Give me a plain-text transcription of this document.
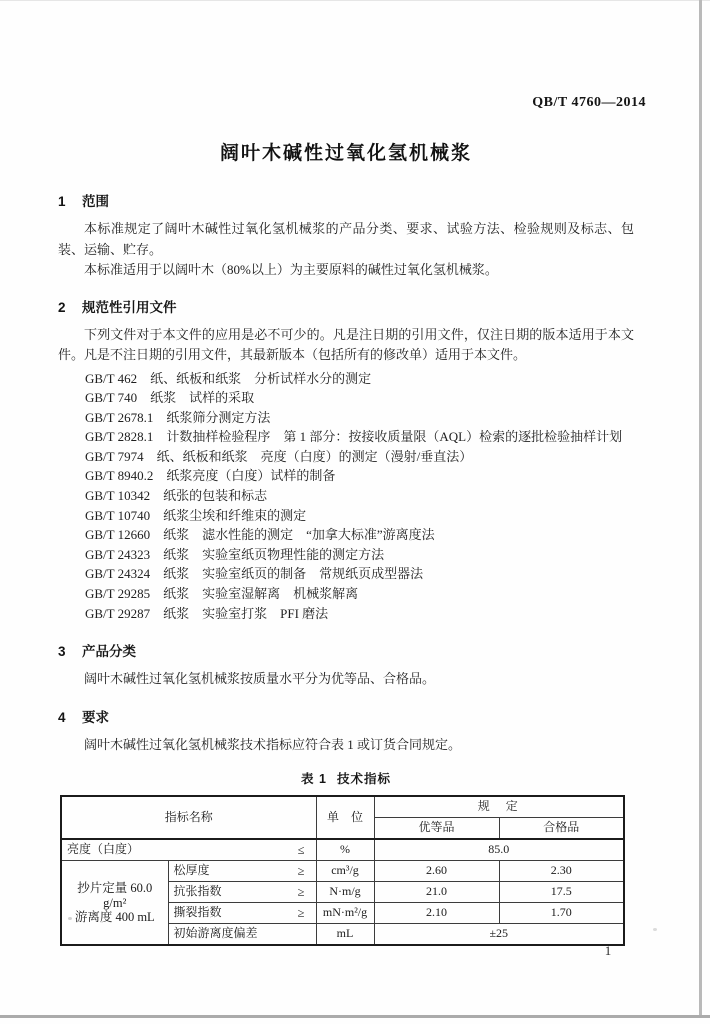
QB/T 4760—2014
阔叶木碱性过氧化氢机械浆
1 范围

本标准规定了阔叶木碱性过氧化氢机械浆的产品分类、要求、试验方法、检验规则及标志、包装、运输、贮存。

本标准适用于以阔叶木（80%以上）为主要原料的碱性过氧化氢机械浆。

2 规范性引用文件

下列文件对于本文件的应用是必不可少的。凡是注日期的引用文件，仅注日期的版本适用于本文件。凡是不注日期的引用文件，其最新版本（包括所有的修改单）适用于本文件。

GB/T 462 纸、纸板和纸浆　分析试样水分的测定
GB/T 740 纸浆　试样的采取
GB/T 2678.1 纸浆筛分测定方法
GB/T 2828.1 计数抽样检验程序　第 1 部分：按接收质量限（AQL）检索的逐批检验抽样计划
GB/T 7974 纸、纸板和纸浆　亮度（白度）的测定（漫射/垂直法）
GB/T 8940.2 纸浆亮度（白度）试样的制备
GB/T 10342 纸张的包装和标志
GB/T 10740 纸浆尘埃和纤维束的测定
GB/T 12660 纸浆　滤水性能的测定　“加拿大标准”游离度法
GB/T 24323 纸浆　实验室纸页物理性能的测定方法
GB/T 24324 纸浆　实验室纸页的制备　常规纸页成型器法
GB/T 29285 纸浆　实验室湿解离　机械浆解离
GB/T 29287 纸浆　实验室打浆　PFI 磨法
3 产品分类

阔叶木碱性过氧化氢机械浆按质量水平分为优等品、合格品。

4 要求

阔叶木碱性过氧化氢机械浆技术指标应符合表 1 或订货合同规定。

表 1 技术指标
指标名称		单　位	规　定	
			优等品	合格品

亮度（白度） ≤		%	85.0	

抄片定量 60.0 g/m²
游离度 400 mL

松厚度	≥	cm³/g	2.60	2.30

	抗张指数 ≥	N·m/g	21.0	17.5

	撕裂指数 ≥	mN·m²/g	2.10	1.70

	初始游离度偏差	mL	±25	
1
